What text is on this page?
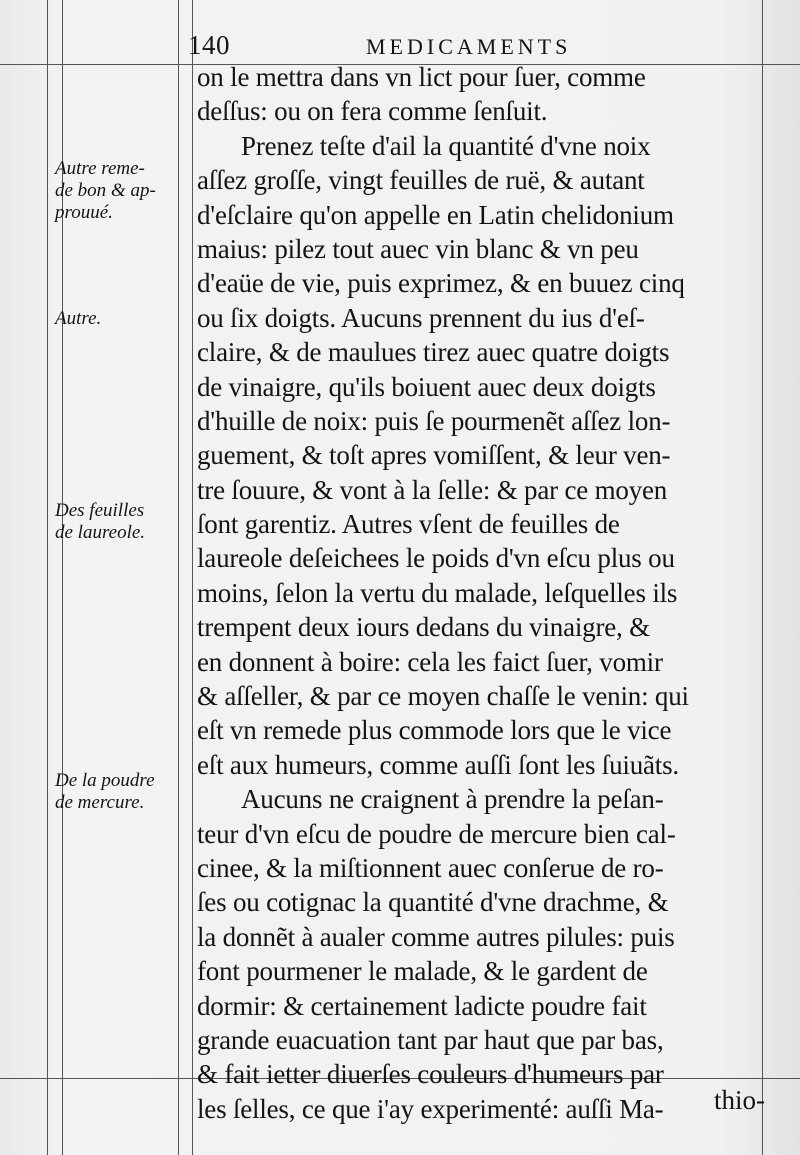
140	MEDICAMENTS
Autre reme-
de bon & ap-
prouué.
Autre.
Des feuilles
de laureole.
De la poudre
de mercure.
on le mettra dans vn lict pour ſuer, comme
deſſus: ou on fera comme ſenſuit.
Prenez teſte d'ail la quantité d'vne noix
aſſez groſſe, vingt feuilles de ruë, & autant
d'eſclaire qu'on appelle en Latin chelidonium
maius: pilez tout auec vin blanc & vn peu
d'eaüe de vie, puis exprimez, & en buuez cinq
ou ſix doigts. Aucuns prennent du ius d'eſ-
claire, & de maulues tirez auec quatre doigts
de vinaigre, qu'ils boiuent auec deux doigts
d'huille de noix: puis ſe pourmenẽt aſſez lon-
guement, & toſt apres vomiſſent, & leur ven-
tre ſouure, & vont à la ſelle: & par ce moyen
ſont garentiz. Autres vſent de feuilles de
laureole deſeichees le poids d'vn eſcu plus ou
moins, ſelon la vertu du malade, leſquelles ils
trempent deux iours dedans du vinaigre, &
en donnent à boire: cela les faict ſuer, vomir
& aſſeller, & par ce moyen chaſſe le venin: qui
eſt vn remede plus commode lors que le vice
eſt aux humeurs, comme auſſi ſont les ſuiuãts.
Aucuns ne craignent à prendre la peſan-
teur d'vn eſcu de poudre de mercure bien cal-
cinee, & la miſtionnent auec conſerue de ro-
ſes ou cotignac la quantité d'vne drachme, &
la donnẽt à aualer comme autres pilules: puis
font pourmener le malade, & le gardent de
dormir: & certainement ladicte poudre fait
grande euacuation tant par haut que par bas,
& fait ietter diuerſes couleurs d'humeurs par
les ſelles, ce que i'ay experimenté: auſſi Ma-	thio-
